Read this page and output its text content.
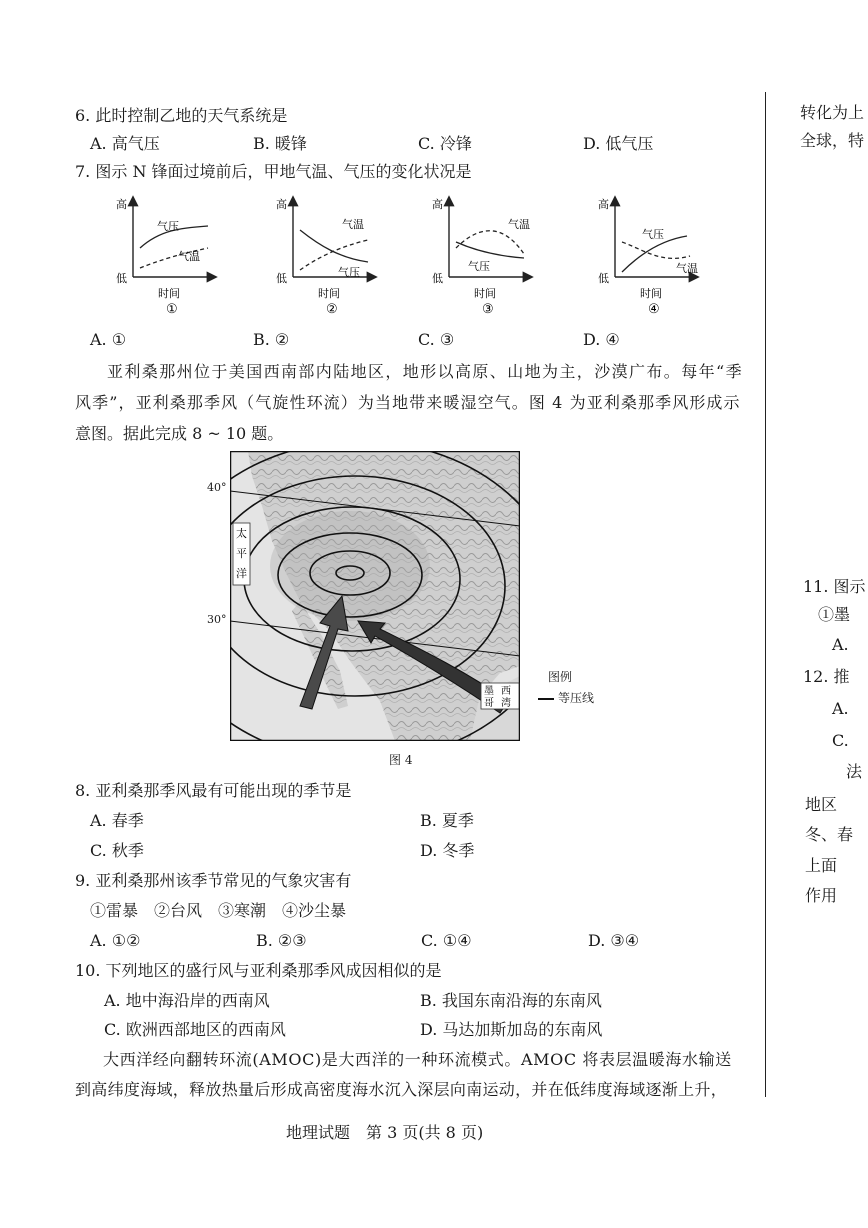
6. 此时控制乙地的天气系统是
A. 高气压	B. 暖锋	C. 冷锋	D. 低气压
7. 图示 N 锋面过境前后，甲地气温、气压的变化状况是
高
低
气压
气温
时间
①
高
低
气温
气压
时间
②
高
低
气温
气压
时间
③
高
低
气压
气温
时间
④
A. ①	B. ②	C. ③	D. ④
亚利桑那州位于美国西南部内陆地区，地形以高原、山地为主，沙漠广布。每年“季
风季”，亚利桑那季风（气旋性环流）为当地带来暖湿空气。图 4 为亚利桑那季风形成示
意图。据此完成 8 ~ 10 题。
太
平
洋
墨 西
哥 湾
40°
30°
图例
等压线
图 4
8. 亚利桑那季风最有可能出现的季节是
A. 春季	B. 夏季
C. 秋季	D. 冬季
9. 亚利桑那州该季节常见的气象灾害有
①雷暴　②台风　③寒潮　④沙尘暴
A. ①②	B. ②③	C. ①④	D. ③④
10. 下列地区的盛行风与亚利桑那季风成因相似的是
A. 地中海沿岸的西南风	B. 我国东南沿海的东南风
C. 欧洲西部地区的西南风	D. 马达加斯加岛的东南风
大西洋经向翻转环流(AMOC)是大西洋的一种环流模式。AMOC 将表层温暖海水输送
到高纬度海域，释放热量后形成高密度海水沉入深层向南运动，并在低纬度海域逐渐上升，
地理试题　第 3 页(共 8 页)
转化为上
全球，特
11. 图示
①墨
A.
12. 推
A.
C.
法
地区
冬、春
上面
作用
